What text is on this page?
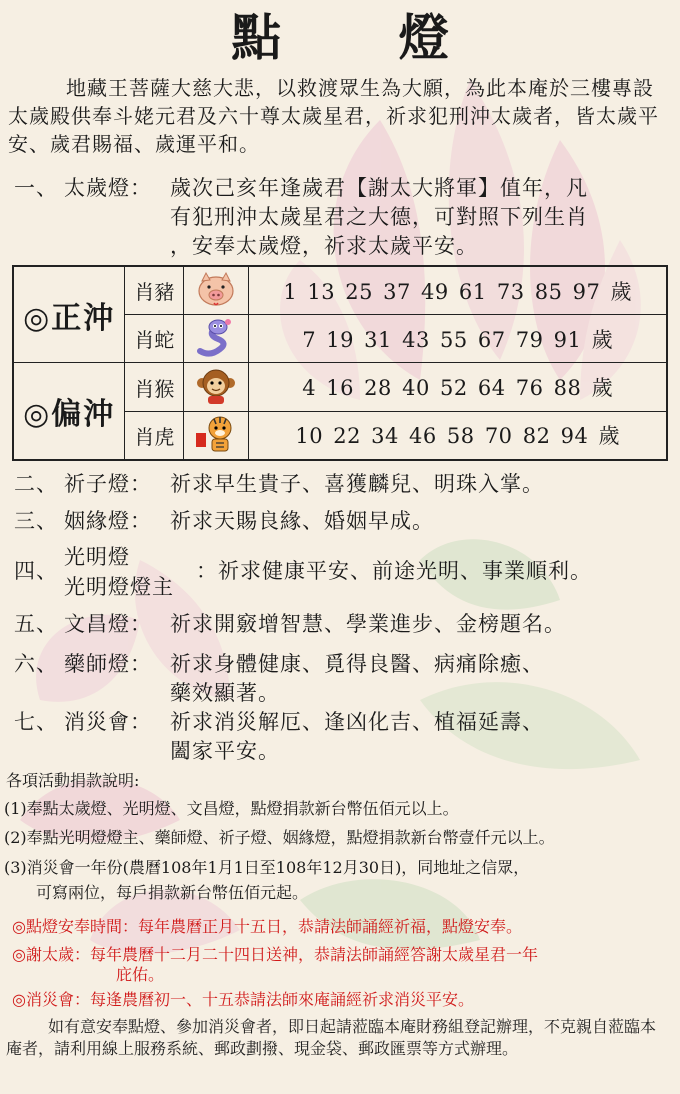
點 燈
地藏王菩薩大慈大悲，以救渡眾生為大願，為此本庵於三樓專設太歲殿供奉斗姥元君及六十尊太歲星君，祈求犯刑沖太歲者，皆太歲平安、歲君賜福、歲運平和。
一、 太歲燈： 歲次己亥年逢歲君【謝太大將軍】值年，凡
有犯刑沖太歲星君之大德，可對照下列生肖
，安奉太歲燈，祈求太歲平安。
◎正沖	肖豬		1 13 25 37 49 61 73 85 97 歲
	肖蛇		7 19 31 43 55 67 79 91 歲
◎偏沖	肖猴		4 16 28 40 52 64 76 88 歲
	肖虎		10 22 34 46 58 70 82 94 歲
二、 祈子燈： 祈求早生貴子、喜獲麟兒、明珠入掌。
三、 姻緣燈： 祈求天賜良緣、婚姻早成。
四、
光明燈
光明燈燈主
：祈求健康平安、前途光明、事業順利。
五、 文昌燈： 祈求開竅增智慧、學業進步、金榜題名。
六、 藥師燈： 祈求身體健康、覓得良醫、病痛除癒、
藥效顯著。
七、 消災會： 祈求消災解厄、逢凶化吉、植福延壽、
闔家平安。
各項活動捐款說明:
(1)奉點太歲燈、光明燈、文昌燈，點燈捐款新台幣伍佰元以上。
(2)奉點光明燈燈主、藥師燈、祈子燈、姻緣燈，點燈捐款新台幣壹仟元以上。
(3)消災會一年份(農曆108年1月1日至108年12月30日)，同地址之信眾，
可寫兩位，每戶捐款新台幣伍佰元起。
◎點燈安奉時間：每年農曆正月十五日，恭請法師誦經祈福，點燈安奉。
◎謝太歲：每年農曆十二月二十四日送神，恭請法師誦經答謝太歲星君一年
庇佑。
◎消災會：每逢農曆初一、十五恭請法師來庵誦經祈求消災平安。
如有意安奉點燈、參加消災會者，即日起請蒞臨本庵財務組登記辦理，不克親自蒞臨本庵者，請利用線上服務系統、郵政劃撥、現金袋、郵政匯票等方式辦理。
